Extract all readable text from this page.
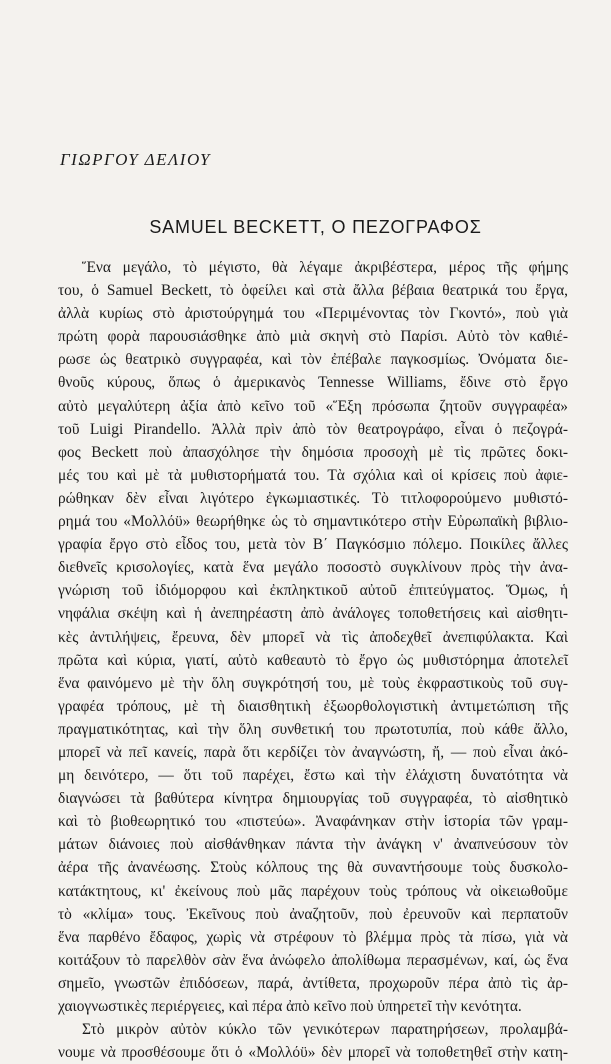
ΓΙΩΡΓΟΥ ΔΕΛΙΟΥ
SAMUEL BECKETT, Ο ΠΕΖΟΓΡΑΦΟΣ
Ἕνα μεγάλο, τὸ μέγιστο, θὰ λέγαμε ἀκριβέστερα, μέρος τῆς φήμης
του, ὁ Samuel Beckett, τὸ ὀφείλει καὶ στὰ ἄλλα βέβαια θεατρικά του ἔργα,
ἀλλὰ κυρίως στὸ ἀριστούργημά του «Περιμένοντας τὸν Γκοντό», ποὺ γιὰ
πρώτη φορὰ παρουσιάσθηκε ἀπὸ μιὰ σκηνὴ στὸ Παρίσι. Αὐτὸ τὸν καθιέ-
ρωσε ὡς θεατρικὸ συγγραφέα, καὶ τὸν ἐπέβαλε παγκοσμίως. Ὀνόματα διε-
θνοῦς κύρους, ὅπως ὁ ἀμερικανὸς Tennesse Williams, ἔδινε στὸ ἔργο
αὐτὸ μεγαλύτερη ἀξία ἀπὸ κεῖνο τοῦ «Ἕξη πρόσωπα ζητοῦν συγγραφέα»
τοῦ Luigi Pirandello. Ἀλλὰ πρὶν ἀπὸ τὸν θεατρογράφο, εἶναι ὁ πεζογρά-
φος Beckett ποὺ ἀπασχόλησε τὴν δημόσια προσοχὴ μὲ τὶς πρῶτες δοκι-
μές του καὶ μὲ τὰ μυθιστορήματά του. Τὰ σχόλια καὶ οἱ κρίσεις ποὺ ἀφιε-
ρώθηκαν δὲν εἶναι λιγότερο ἐγκωμιαστικές. Τὸ τιτλοφορούμενο μυθιστό-
ρημά του «Μολλόϋ» θεωρήθηκε ὡς τὸ σημαντικότερο στὴν Εὐρωπαϊκὴ βιβλιο-
γραφία ἔργο στὸ εἶδος του, μετὰ τὸν Β΄ Παγκόσμιο πόλεμο. Ποικίλες ἄλλες
διεθνεῖς κρισολογίες, κατὰ ἕνα μεγάλο ποσοστὸ συγκλίνουν πρὸς τὴν ἀνα-
γνώριση τοῦ ἰδιόμορφου καὶ ἐκπληκτικοῦ αὐτοῦ ἐπιτεύγματος. Ὅμως, ἡ
νηφάλια σκέψη καὶ ἡ ἀνεπηρέαστη ἀπὸ ἀνάλογες τοποθετήσεις καὶ αἰσθητι-
κὲς ἀντιλήψεις, ἔρευνα, δὲν μπορεῖ νὰ τὶς ἀποδεχθεῖ ἀνεπιφύλακτα. Καὶ
πρῶτα καὶ κύρια, γιατί, αὐτὸ καθεαυτὸ τὸ ἔργο ὡς μυθιστόρημα ἀποτελεῖ
ἕνα φαινόμενο μὲ τὴν ὅλη συγκρότησή του, μὲ τοὺς ἐκφραστικοὺς τοῦ συγ-
γραφέα τρόπους, μὲ τὴ διαισθητικὴ ἐξωορθολογιστικὴ ἀντιμετώπιση τῆς
πραγματικότητας, καὶ τὴν ὅλη συνθετική του πρωτοτυπία, ποὺ κάθε ἄλλο,
μπορεῖ νὰ πεῖ κανείς, παρὰ ὅτι κερδίζει τὸν ἀναγνώστη, ἤ, — ποὺ εἶναι ἀκό-
μη δεινότερο, — ὅτι τοῦ παρέχει, ἔστω καὶ τὴν ἐλάχιστη δυνατότητα νὰ
διαγνώσει τὰ βαθύτερα κίνητρα δημιουργίας τοῦ συγγραφέα, τὸ αἰσθητικὸ
καὶ τὸ βιοθεωρητικό του «πιστεύω». Ἀναφάνηκαν στὴν ἱστορία τῶν γραμ-
μάτων διάνοιες ποὺ αἰσθάνθηκαν πάντα τὴν ἀνάγκη ν' ἀναπνεύσουν τὸν
ἀέρα τῆς ἀνανέωσης. Στοὺς κόλπους της θὰ συναντήσουμε τοὺς δυσκολο-
κατάκτητους, κι' ἐκείνους ποὺ μᾶς παρέχουν τοὺς τρόπους νὰ οἰκειωθοῦμε
τὸ «κλίμα» τους. Ἐκεῖνους ποὺ ἀναζητοῦν, ποὺ ἐρευνοῦν καὶ περπατοῦν
ἕνα παρθένο ἔδαφος, χωρὶς νὰ στρέφουν τὸ βλέμμα πρὸς τὰ πίσω, γιὰ νὰ
κοιτάξουν τὸ παρελθὸν σὰν ἕνα ἀνώφελο ἀπολίθωμα περασμένων, καί, ὡς ἕνα
σημεῖο, γνωστῶν ἐπιδόσεων, παρά, ἀντίθετα, προχωροῦν πέρα ἀπὸ τὶς ἀρ-
χαιογνωστικὲς περιέργειες, καὶ πέρα ἀπὸ κεῖνο ποὺ ὑπηρετεῖ τὴν κενότητα.
Στὸ μικρὸν αὐτὸν κύκλο τῶν γενικότερων παρατηρήσεων, προλαμβά-
νουμε νὰ προσθέσουμε ὅτι ὁ «Μολλόϋ» δὲν μπορεῖ νὰ τοποθετηθεῖ στὴν κατη-
